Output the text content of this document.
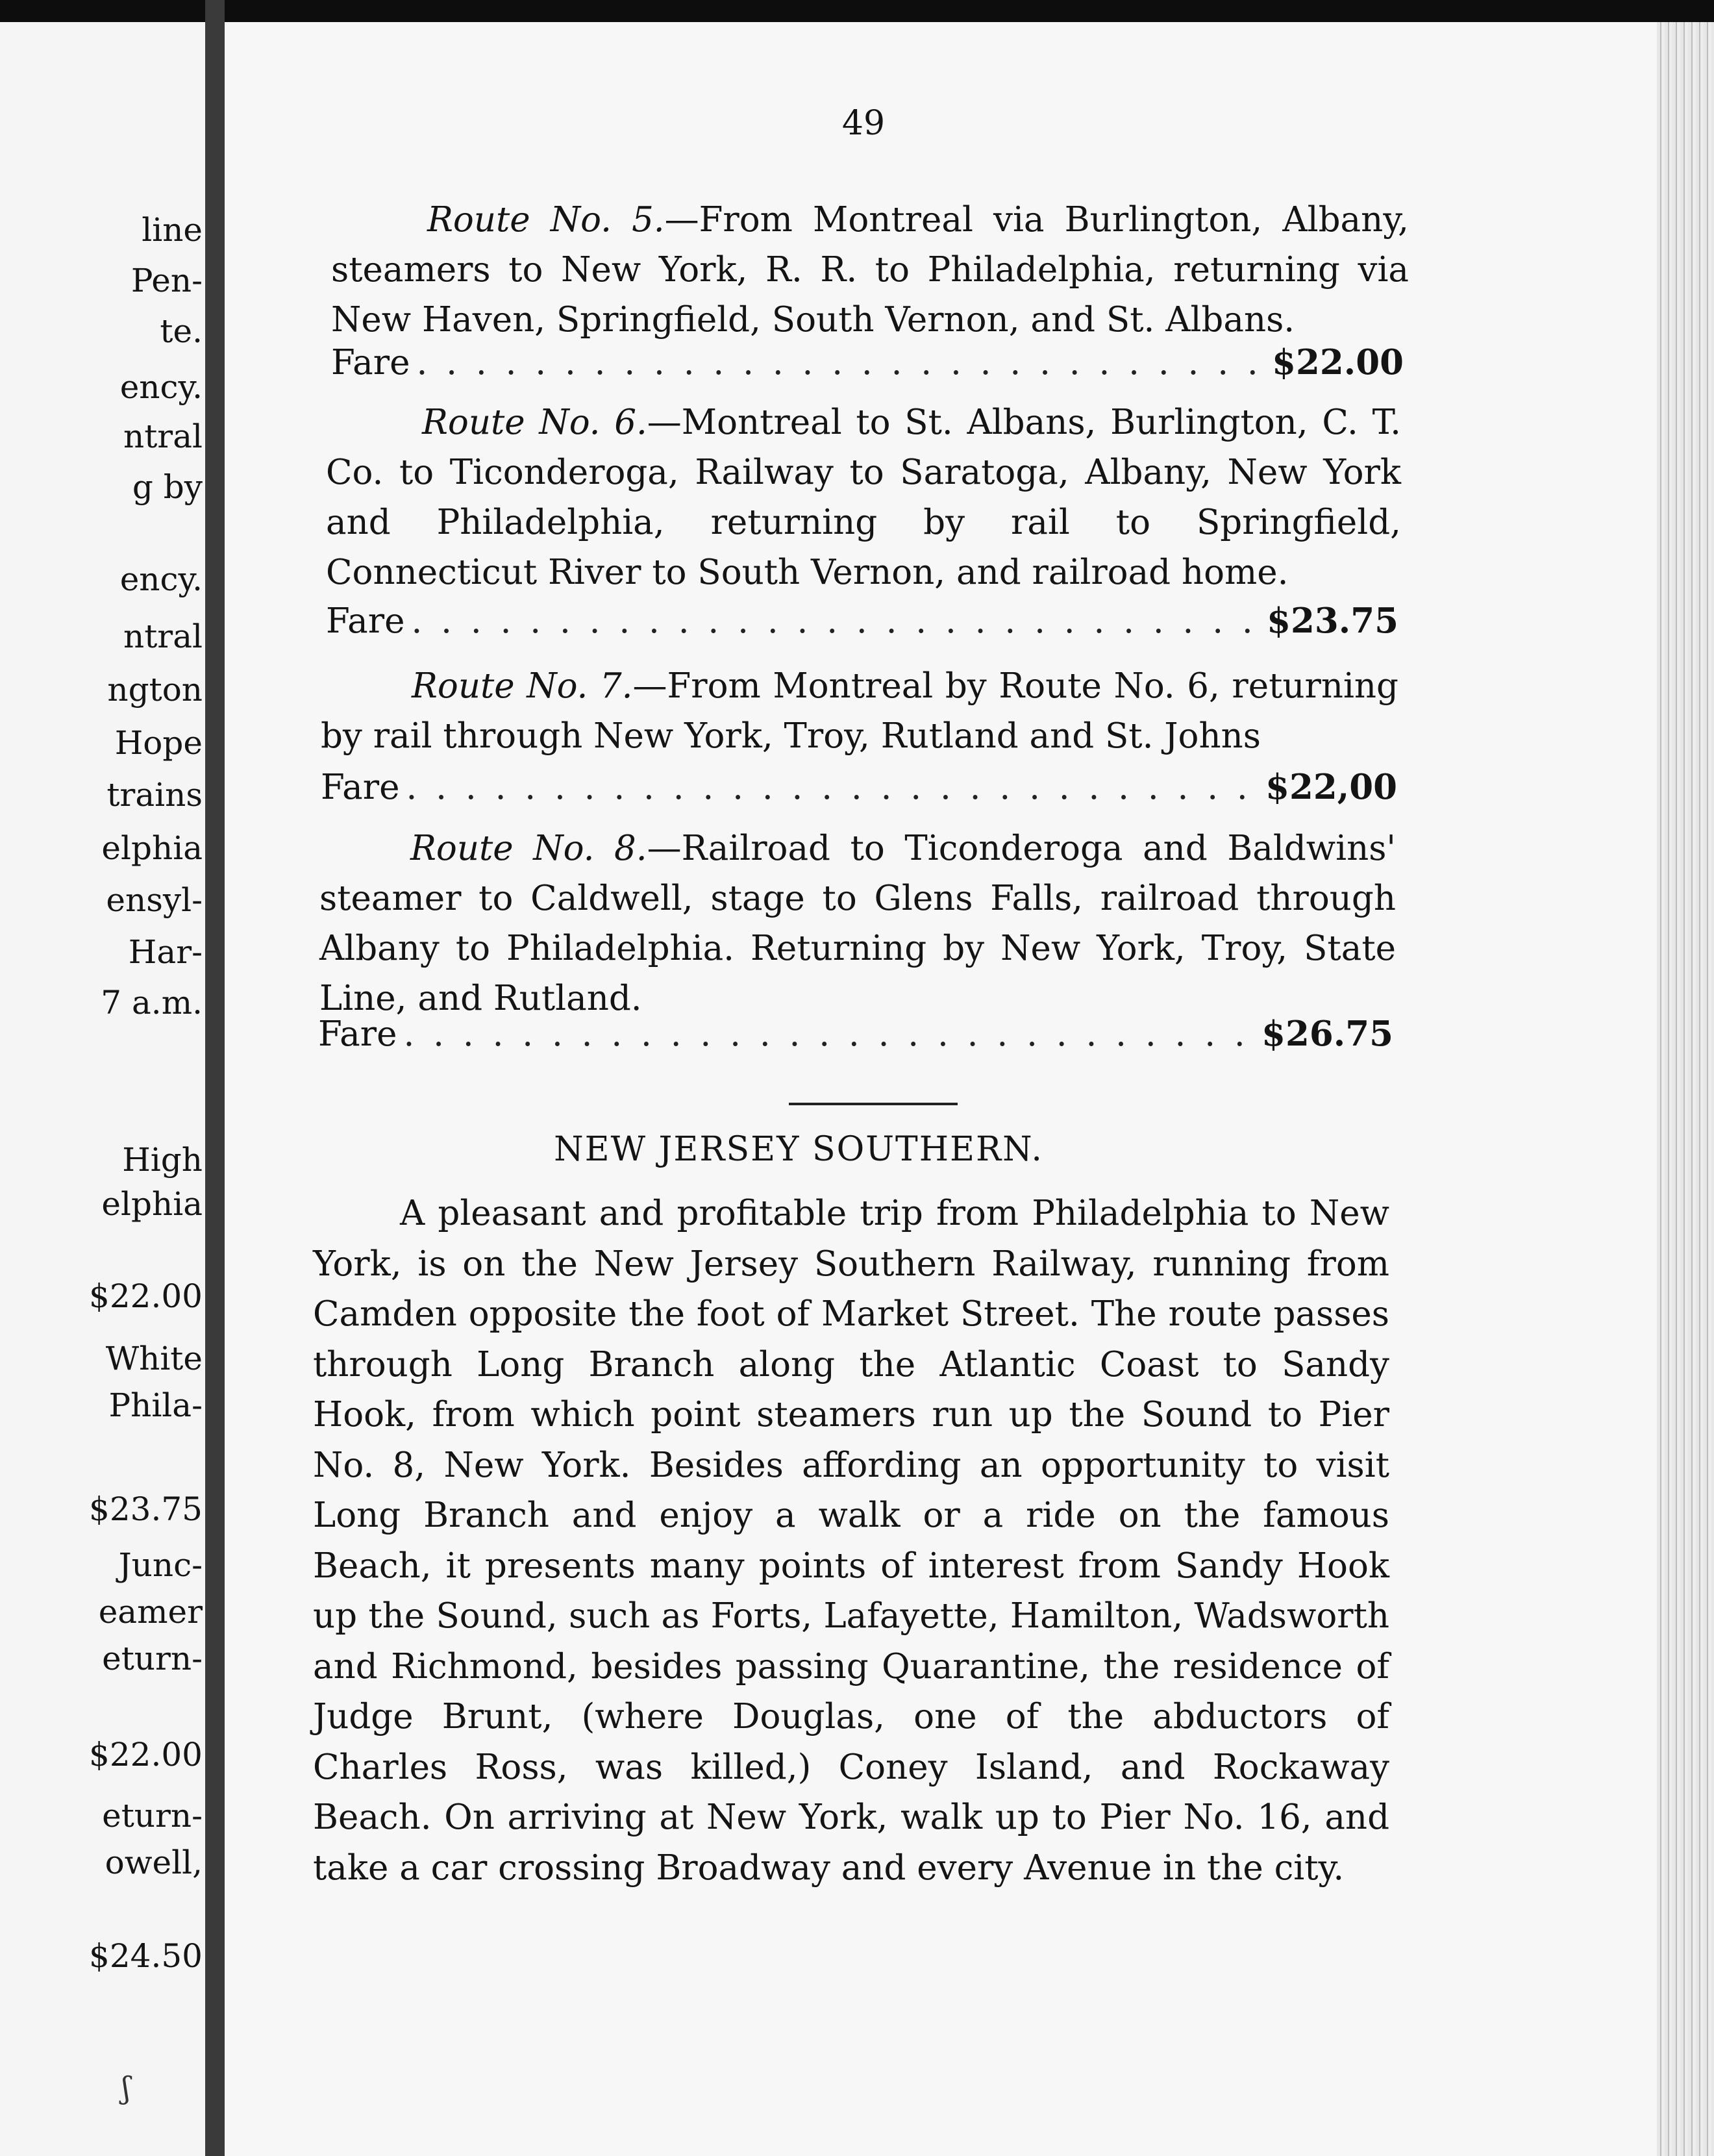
line
Pen-
te.
ency.
ntral
g by
ency.
ntral
ngton
Hope
trains
elphia
ensyl-
Har-
7 a.m.
High
elphia
$22.00
White
Phila-
$23.75
Junc-
eamer
eturn-
$22.00
eturn-
owell,
$24.50
49
Route No. 5.—From Montreal via Burlington, Albany, steamers to New York, R. R. to Philadelphia, returning via New Haven, Springfield, South Vernon, and St. Albans.
Fare . . .	$22.00
Route No. 6.—Montreal to St. Albans, Burlington, C. T. Co. to Ticonderoga, Railway to Saratoga, Albany, New York and Philadelphia, returning by rail to Springfield, Connecticut River to South Vernon, and railroad home.
Fare . . .	$23.75
Route No. 7.—From Montreal by Route No. 6, returning by rail through New York, Troy, Rutland and St. Johns
Fare . . .	$22,00
Route No. 8.—Railroad to Ticonderoga and Baldwins' steamer to Caldwell, stage to Glens Falls, railroad through Albany to Philadelphia. Returning by New York, Troy, State Line, and Rutland.
Fare . . .	$26.75
NEW JERSEY SOUTHERN.
A pleasant and profitable trip from Philadelphia to New York, is on the New Jersey Southern Railway, running from Camden opposite the foot of Market Street. The route passes through Long Branch along the Atlantic Coast to Sandy Hook, from which point steamers run up the Sound to Pier No. 8, New York. Besides affording an opportunity to visit Long Branch and enjoy a walk or a ride on the famous Beach, it presents many points of interest from Sandy Hook up the Sound, such as Forts, Lafayette, Hamilton, Wadsworth and Richmond, besides passing Quarantine, the residence of Judge Brunt, (where Douglas, one of the abductors of Charles Ross, was killed,) Coney Island, and Rockaway Beach. On arriving at New York, walk up to Pier No. 16, and take a car crossing Broadway and every Avenue in the city.
ʃ
